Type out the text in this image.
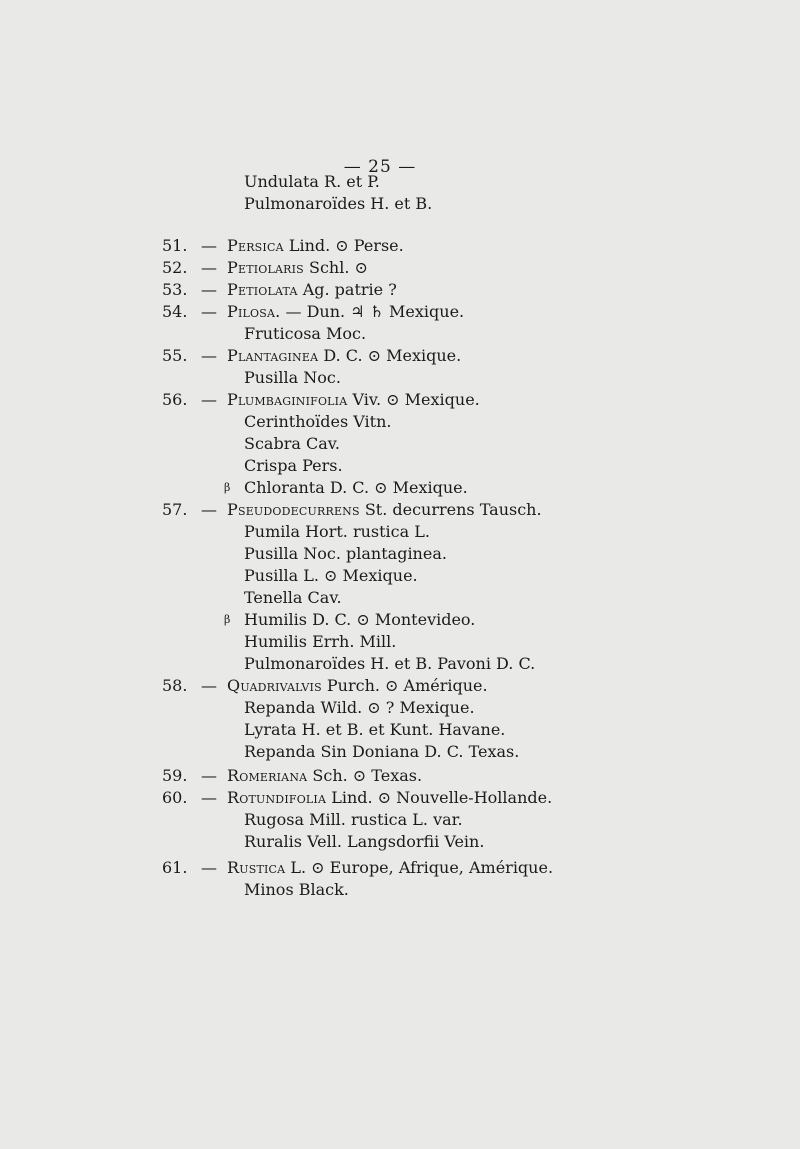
— 25 —
Undulata R. et P.
Pulmonaroïdes H. et B.
51. — Persica Lind. ⊙ Perse.
52. — Petiolaris Schl. ⊙
53. — Petiolata Ag. patrie ?
54. — Pilosa. — Dun. ♃ ♄ Mexique.
Fruticosa Moc.
55. — Plantaginea D. C. ⊙ Mexique.
Pusilla Noc.
56. — Plumbaginifolia Viv. ⊙ Mexique.
Cerinthoïdes Vitn.
Scabra Cav.
Crispa Pers.
β Chloranta D. C. ⊙ Mexique.
57. — Pseudodecurrens St. decurrens Tausch.
Pumila Hort. rustica L.
Pusilla Noc. plantaginea.
Pusilla L. ⊙ Mexique.
Tenella Cav.
β Humilis D. C. ⊙ Montevideo.
Humilis Errh. Mill.
Pulmonaroïdes H. et B. Pavoni D. C.
58. — Quadrivalvis Purch. ⊙ Amérique.
Repanda Wild. ⊙ ? Mexique.
Lyrata H. et B. et Kunt. Havane.
Repanda Sin Doniana D. C. Texas.
59. — Romeriana Sch. ⊙ Texas.
60. — Rotundifolia Lind. ⊙ Nouvelle-Hollande.
Rugosa Mill. rustica L. var.
Ruralis Vell. Langsdorfii Vein.
61. — Rustica L. ⊙ Europe, Afrique, Amérique.
Minos Black.
